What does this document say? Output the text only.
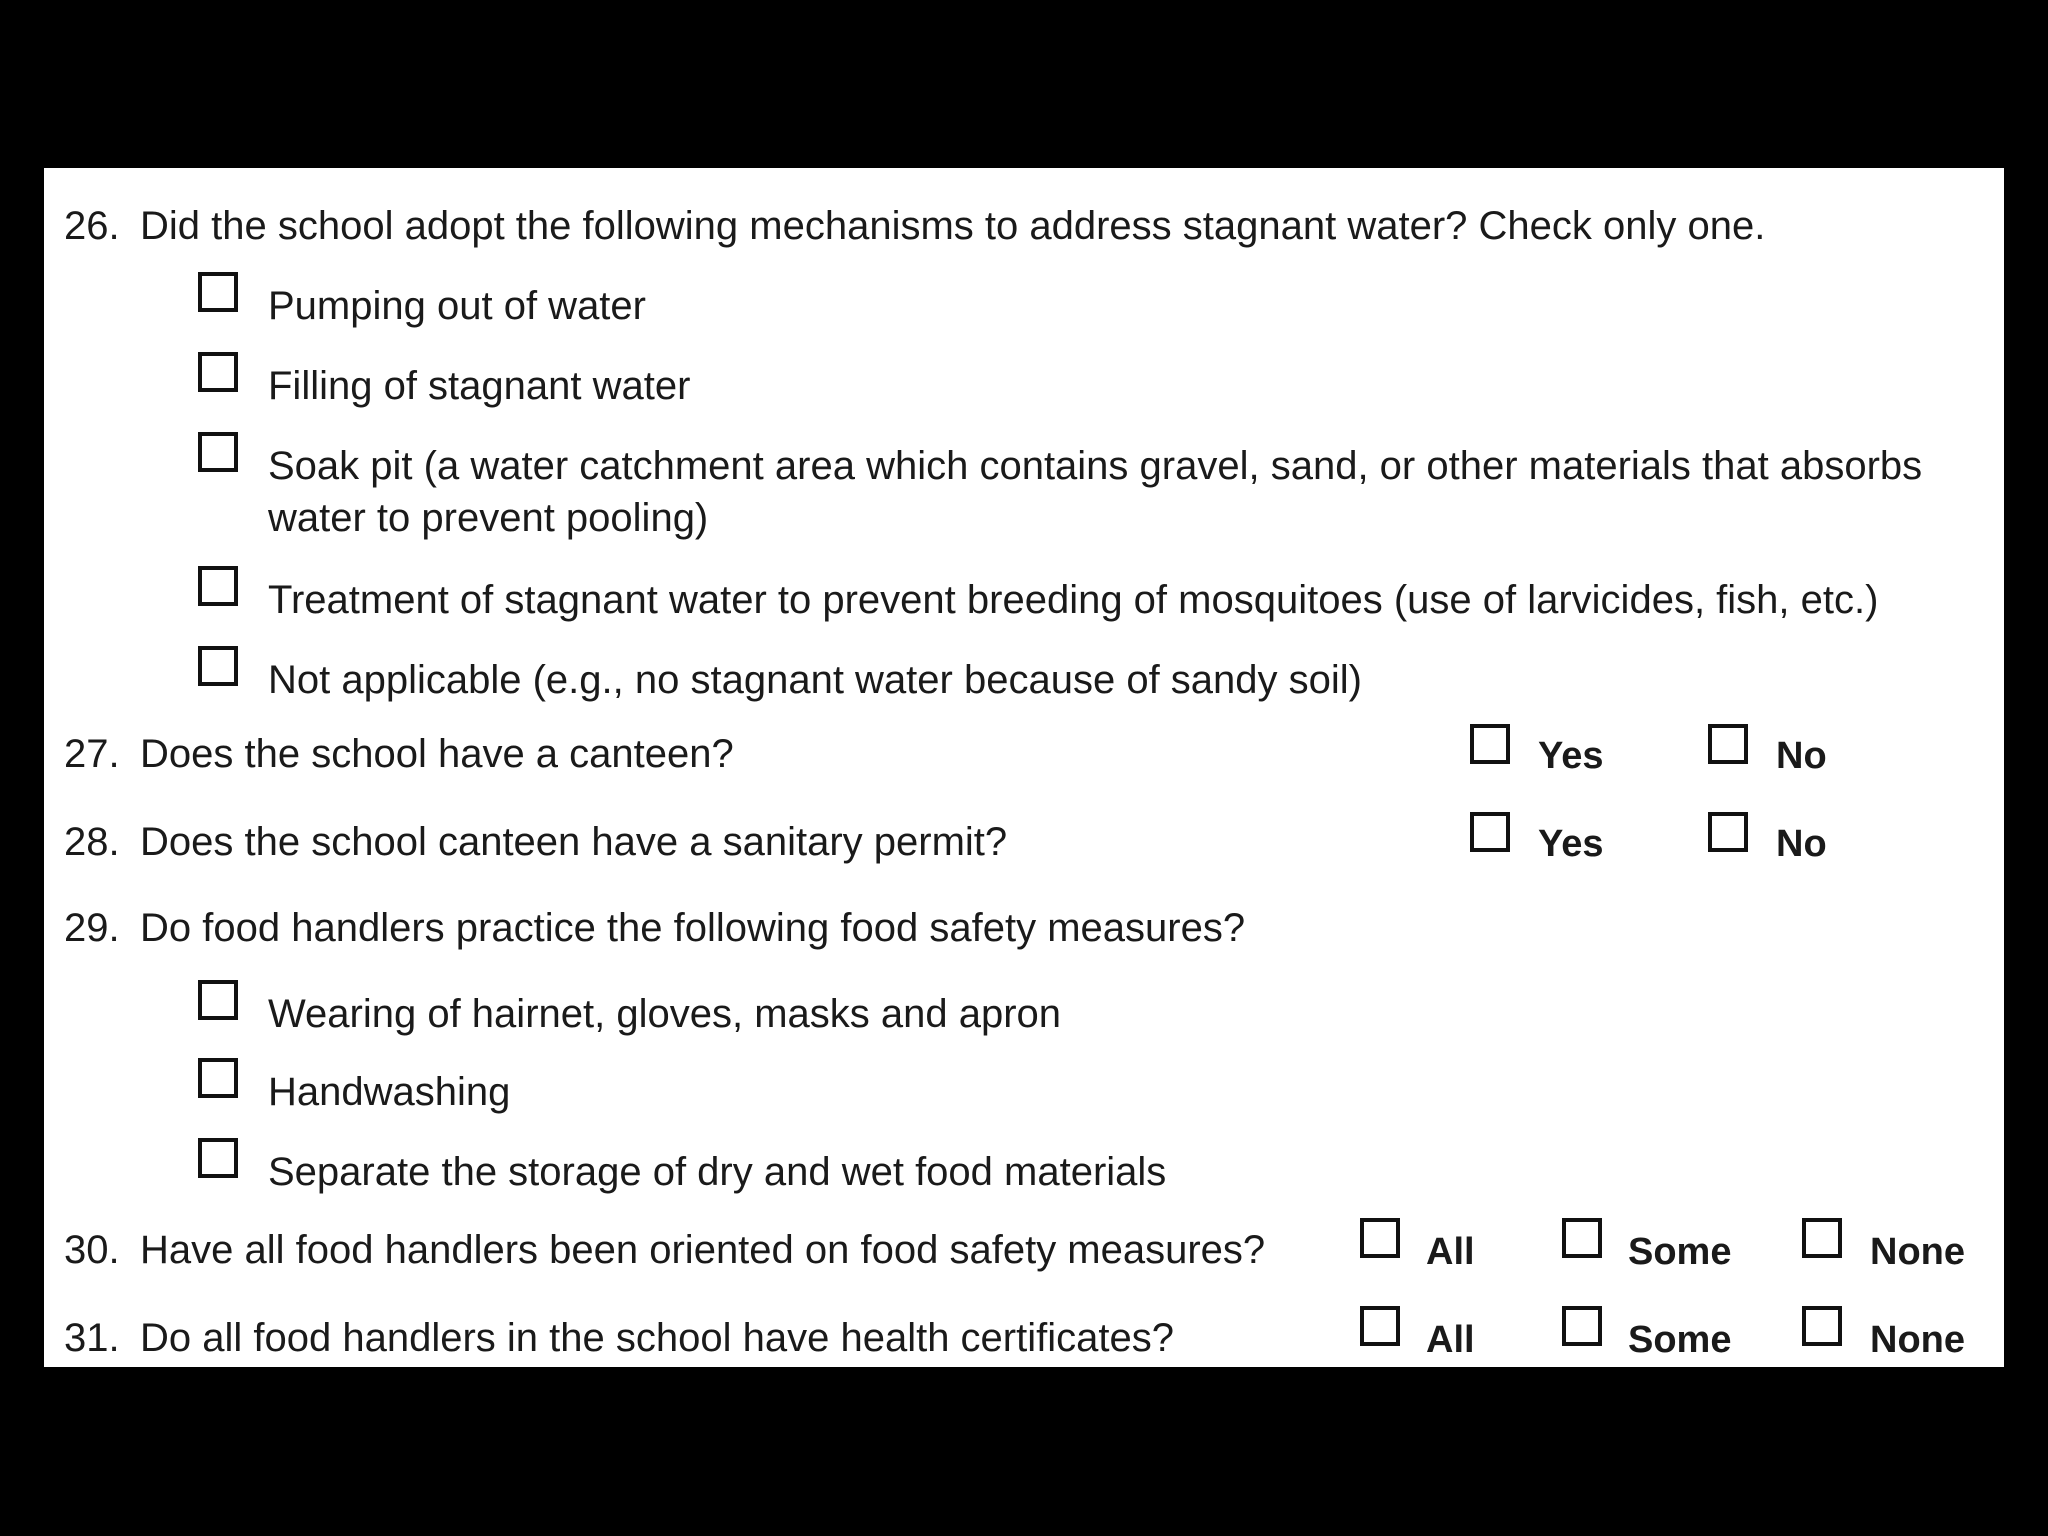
26. Did the school adopt the following mechanisms to address stagnant water? Check only one.
Pumping out of water
Filling of stagnant water
Soak pit (a water catchment area which contains gravel, sand, or other materials that absorbs water to prevent pooling)
Treatment of stagnant water to prevent breeding of mosquitoes (use of larvicides, fish, etc.)
Not applicable (e.g., no stagnant water because of sandy soil)
27. Does the school have a canteen?	Yes	No
28. Does the school canteen have a sanitary permit?	Yes	No
29. Do food handlers practice the following food safety measures?
Wearing of hairnet, gloves, masks and apron
Handwashing
Separate the storage of dry and wet food materials
30. Have all food handlers been oriented on food safety measures?	All	Some	None
31. Do all food handlers in the school have health certificates?	All	Some	None
